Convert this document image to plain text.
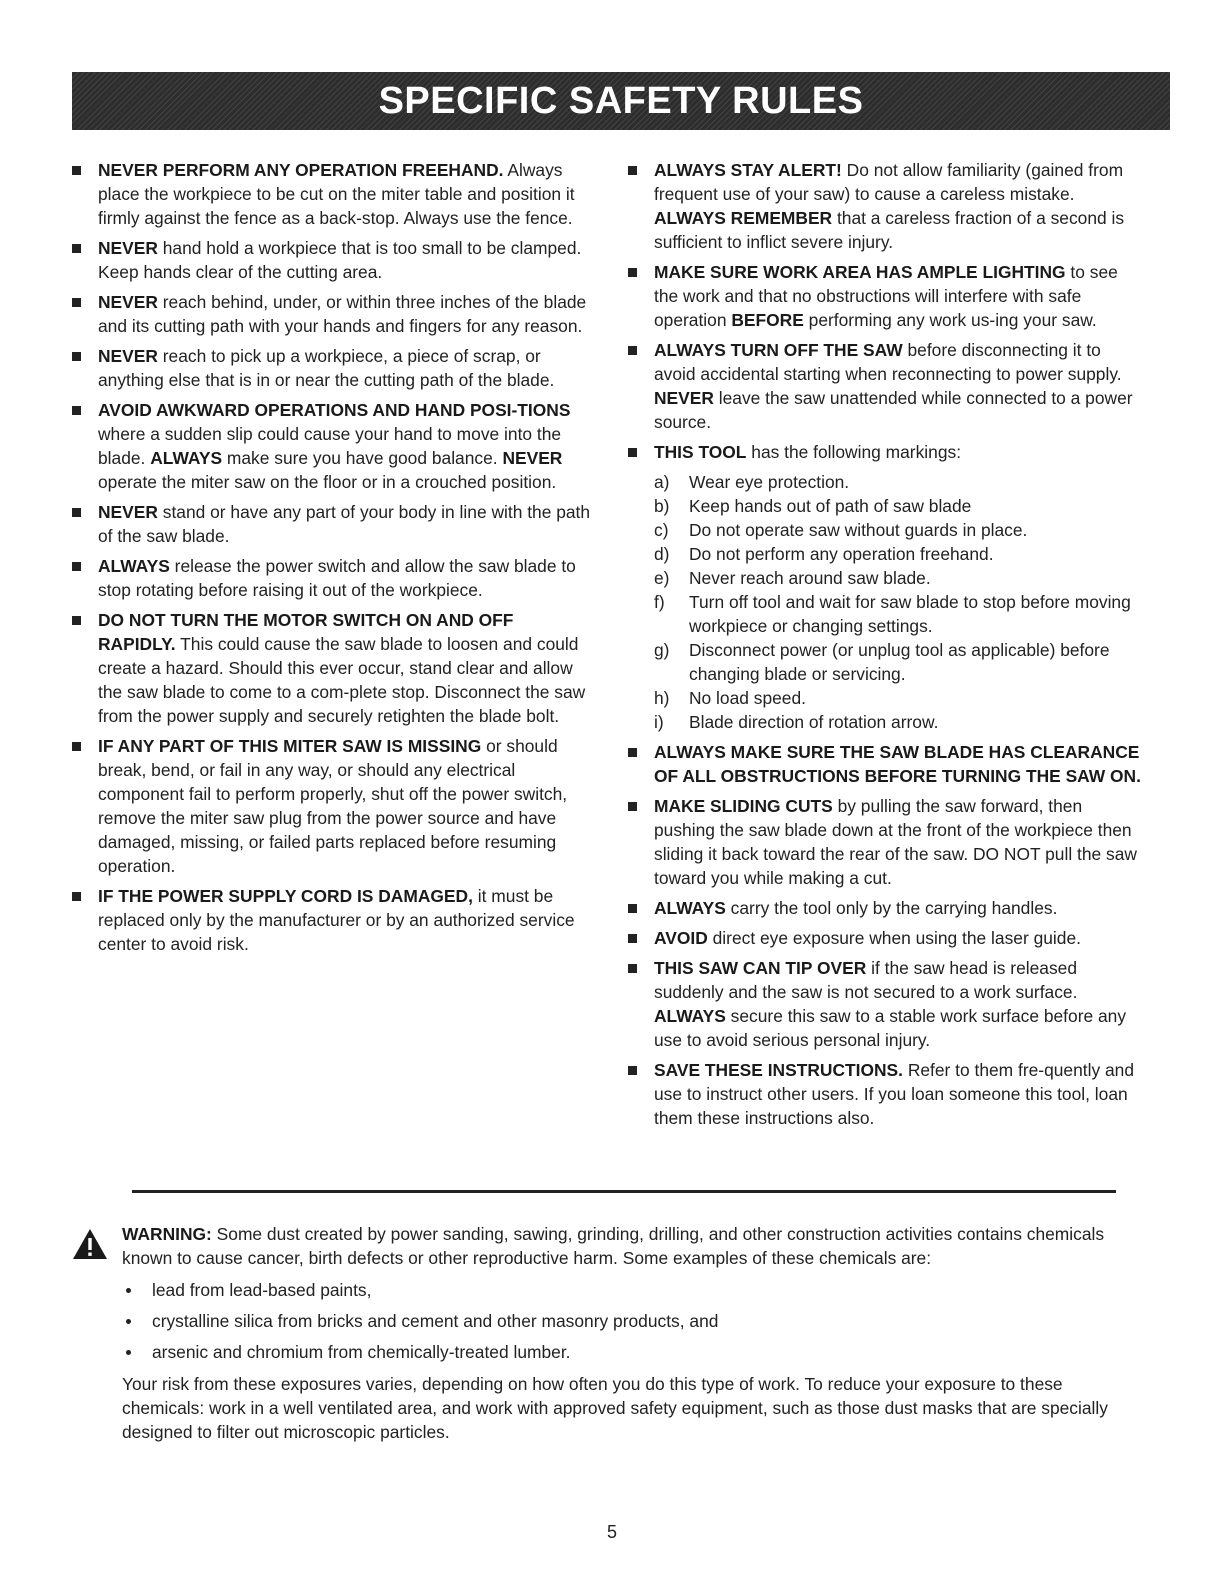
SPECIFIC SAFETY RULES
NEVER PERFORM ANY OPERATION FREEHAND. Always place the workpiece to be cut on the miter table and position it firmly against the fence as a back-stop. Always use the fence.
NEVER hand hold a workpiece that is too small to be clamped. Keep hands clear of the cutting area.
NEVER reach behind, under, or within three inches of the blade and its cutting path with your hands and fingers for any reason.
NEVER reach to pick up a workpiece, a piece of scrap, or anything else that is in or near the cutting path of the blade.
AVOID AWKWARD OPERATIONS AND HAND POSI-TIONS where a sudden slip could cause your hand to move into the blade. ALWAYS make sure you have good balance. NEVER operate the miter saw on the floor or in a crouched position.
NEVER stand or have any part of your body in line with the path of the saw blade.
ALWAYS release the power switch and allow the saw blade to stop rotating before raising it out of the workpiece.
DO NOT TURN THE MOTOR SWITCH ON AND OFF RAPIDLY. This could cause the saw blade to loosen and could create a hazard. Should this ever occur, stand clear and allow the saw blade to come to a com-plete stop. Disconnect the saw from the power supply and securely retighten the blade bolt.
IF ANY PART OF THIS MITER SAW IS MISSING or should break, bend, or fail in any way, or should any electrical component fail to perform properly, shut off the power switch, remove the miter saw plug from the power source and have damaged, missing, or failed parts replaced before resuming operation.
IF THE POWER SUPPLY CORD IS DAMAGED, it must be replaced only by the manufacturer or by an authorized service center to avoid risk.
ALWAYS STAY ALERT! Do not allow familiarity (gained from frequent use of your saw) to cause a careless mistake. ALWAYS REMEMBER that a careless fraction of a second is sufficient to inflict severe injury.
MAKE SURE WORK AREA HAS AMPLE LIGHTING to see the work and that no obstructions will interfere with safe operation BEFORE performing any work us-ing your saw.
ALWAYS TURN OFF THE SAW before disconnecting it to avoid accidental starting when reconnecting to power supply. NEVER leave the saw unattended while connected to a power source.
THIS TOOL has the following markings:
a) Wear eye protection.
b) Keep hands out of path of saw blade
c) Do not operate saw without guards in place.
d) Do not perform any operation freehand.
e) Never reach around saw blade.
f) Turn off tool and wait for saw blade to stop before moving workpiece or changing settings.
g) Disconnect power (or unplug tool as applicable) before changing blade or servicing.
h) No load speed.
i) Blade direction of rotation arrow.
ALWAYS MAKE SURE THE SAW BLADE HAS CLEARANCE OF ALL OBSTRUCTIONS BEFORE TURNING THE SAW ON.
MAKE SLIDING CUTS by pulling the saw forward, then pushing the saw blade down at the front of the workpiece then sliding it back toward the rear of the saw. DO NOT pull the saw toward you while making a cut.
ALWAYS carry the tool only by the carrying handles.
AVOID direct eye exposure when using the laser guide.
THIS SAW CAN TIP OVER if the saw head is released suddenly and the saw is not secured to a work surface. ALWAYS secure this saw to a stable work surface before any use to avoid serious personal injury.
SAVE THESE INSTRUCTIONS. Refer to them fre-quently and use to instruct other users. If you loan someone this tool, loan them these instructions also.

WARNING: Some dust created by power sanding, sawing, grinding, drilling, and other construction activities contains chemicals known to cause cancer, birth defects or other reproductive harm. Some examples of these chemicals are:

lead from lead-based paints,
crystalline silica from bricks and cement and other masonry products, and
arsenic and chromium from chemically-treated lumber.

Your risk from these exposures varies, depending on how often you do this type of work. To reduce your exposure to these chemicals: work in a well ventilated area, and work with approved safety equipment, such as those dust masks that are specially designed to filter out microscopic particles.

5
